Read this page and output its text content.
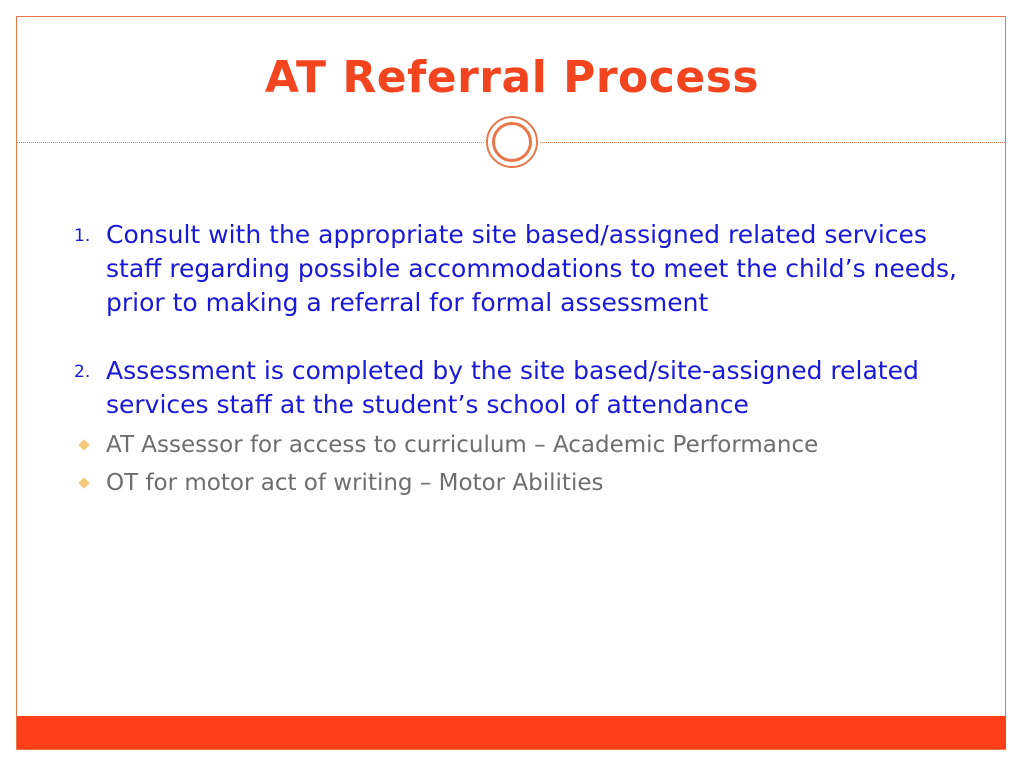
AT Referral Process
1. Consult with the appropriate site based/assigned related services staff regarding possible accommodations to meet the child’s needs, prior to making a referral for formal assessment
2. Assessment is completed by the site based/site-assigned related services staff at the student’s school of attendance
AT Assessor for access to curriculum – Academic Performance
OT for motor act of writing – Motor Abilities
